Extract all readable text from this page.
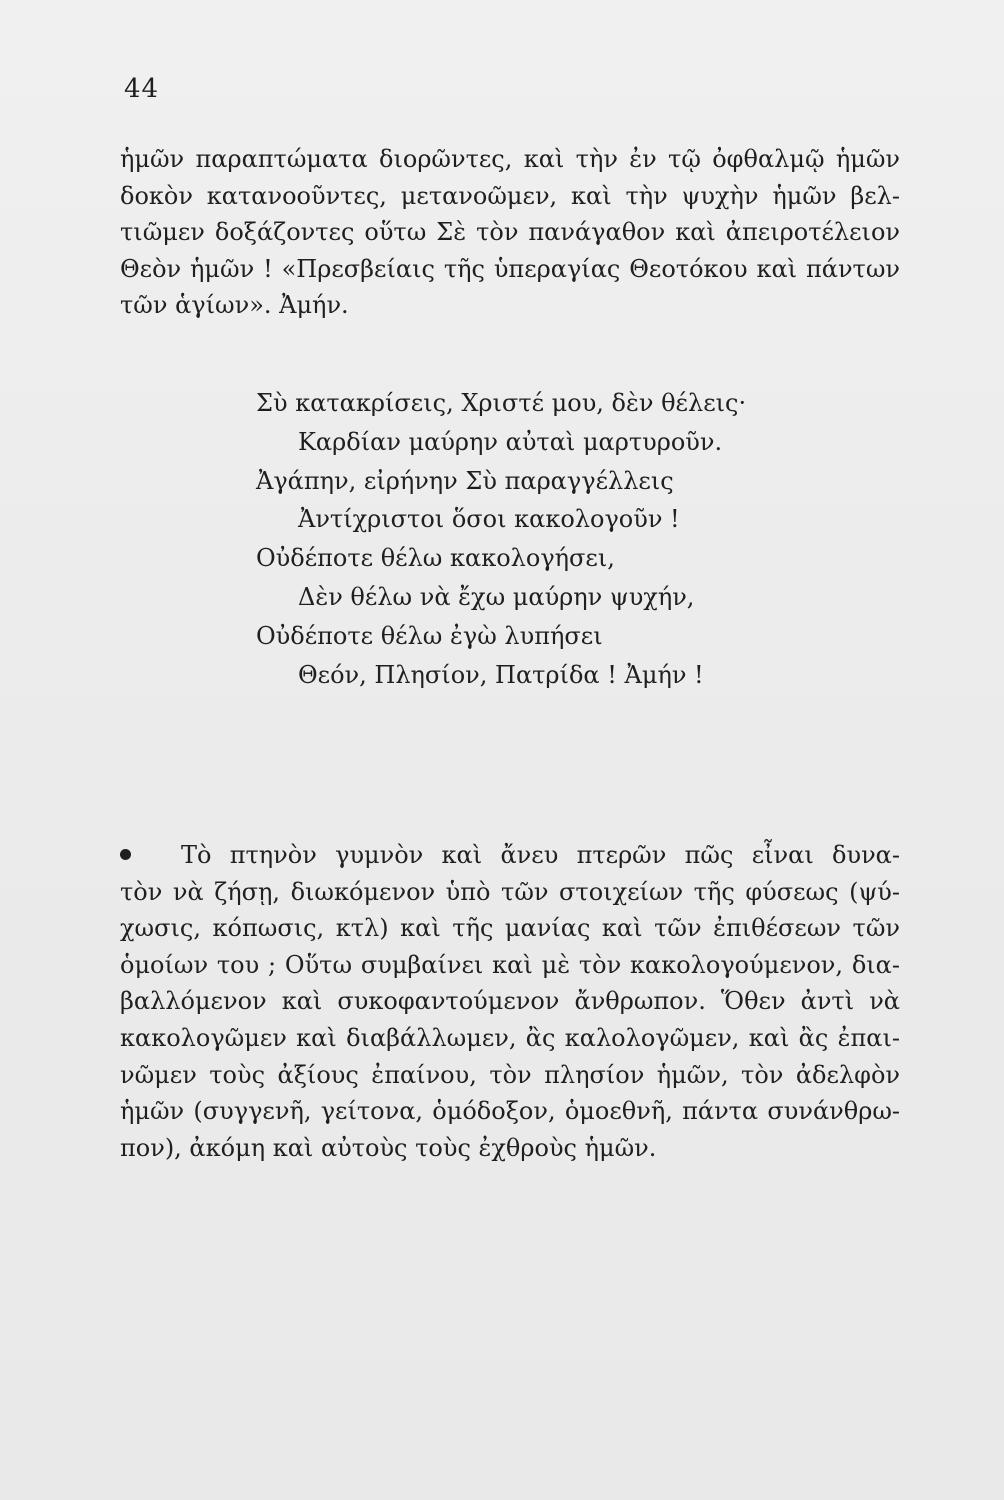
44
ἡμῶν παραπτώματα διορῶντες, καὶ τὴν ἐν τῷ ὀφθαλμῷ ἡμῶν
δοκὸν κατανοοῦντες, μετανοῶμεν, καὶ τὴν ψυχὴν ἡμῶν βελ-
τιῶμεν δοξάζοντες οὕτω Σὲ τὸν πανάγαθον καὶ ἀπειροτέλειον
Θεὸν ἡμῶν ! «Πρεσβείαις τῆς ὑπεραγίας Θεοτόκου καὶ πάντων
τῶν ἁγίων». Ἀμήν.
Σὺ κατακρίσεις, Χριστέ μου, δὲν θέλεις·
Καρδίαν μαύρην αὐταὶ μαρτυροῦν.
Ἀγάπην, εἰρήνην Σὺ παραγγέλλεις
Ἀντίχριστοι ὅσοι κακολογοῦν !
Οὐδέποτε θέλω κακολογήσει,
Δὲν θέλω νὰ ἔχω μαύρην ψυχήν,
Οὐδέποτε θέλω ἐγὼ λυπήσει
Θεόν, Πλησίον, Πατρίδα ! Ἀμήν !
Τὸ πτηνὸν γυμνὸν καὶ ἄνευ πτερῶν πῶς εἶναι δυνα-
τὸν νὰ ζήσῃ, διωκόμενον ὑπὸ τῶν στοιχείων τῆς φύσεως (ψύ-
χωσις, κόπωσις, κτλ) καὶ τῆς μανίας καὶ τῶν ἐπιθέσεων τῶν
ὁμοίων του ; Οὕτω συμβαίνει καὶ μὲ τὸν κακολογούμενον, δια-
βαλλόμενον καὶ συκοφαντούμενον ἄνθρωπον. Ὅθεν ἀντὶ νὰ
κακολογῶμεν καὶ διαβάλλωμεν, ἂς καλολογῶμεν, καὶ ἂς ἐπαι-
νῶμεν τοὺς ἀξίους ἐπαίνου, τὸν πλησίον ἡμῶν, τὸν ἀδελφὸν
ἡμῶν (συγγενῆ, γείτονα, ὁμόδοξον, ὁμοεθνῆ, πάντα συνάνθρω-
πον), ἀκόμη καὶ αὐτοὺς τοὺς ἐχθροὺς ἡμῶν.
